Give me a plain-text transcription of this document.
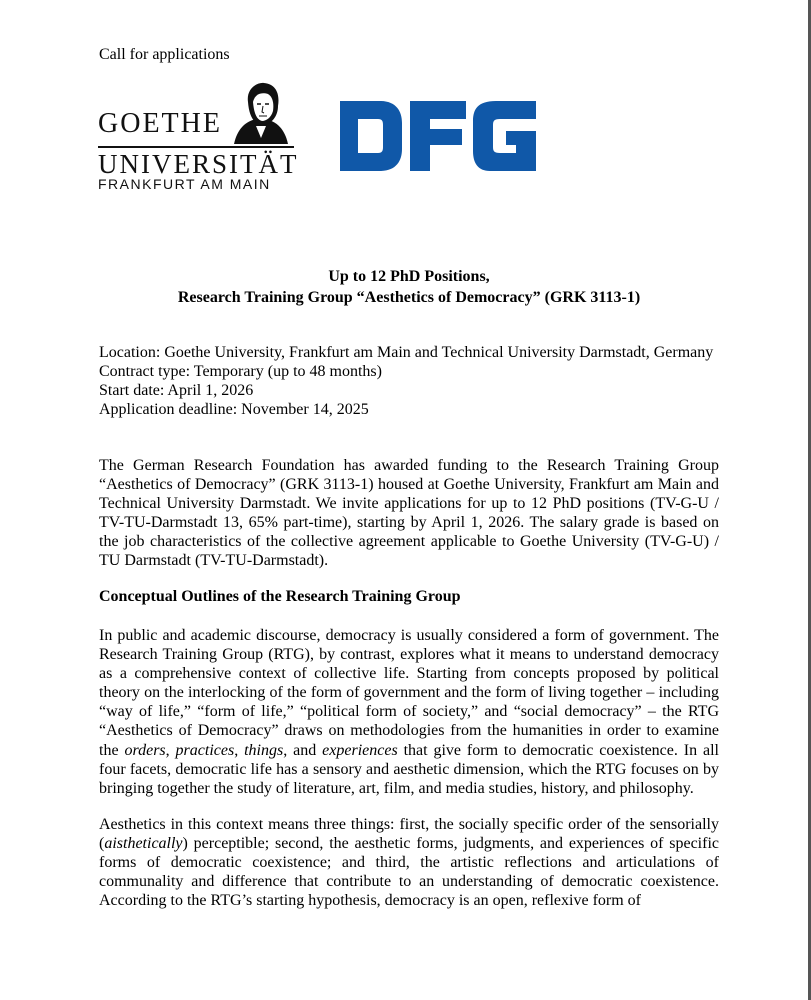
Call for applications
GOETHE
UNIVERSITÄT
FRANKFURT AM MAIN
Up to 12 PhD Positions,
Research Training Group “Aesthetics of Democracy” (GRK 3113-1)
Location: Goethe University, Frankfurt am Main and Technical University Darmstadt, Germany
Contract type: Temporary (up to 48 months)
Start date: April 1, 2026
Application deadline: November 14, 2025
The German Research Foundation has awarded funding to the Research Training Group “Aesthetics of Democracy” (GRK 3113-1) housed at Goethe University, Frankfurt am Main and Technical University Darmstadt. We invite applications for up to 12 PhD positions (TV-G-U / TV-TU-Darmstadt 13, 65% part-time), starting by April 1, 2026. The salary grade is based on the job characteristics of the collective agreement applicable to Goethe University (TV-G-U) / TU Darmstadt (TV-TU-Darmstadt).
Conceptual Outlines of the Research Training Group
In public and academic discourse, democracy is usually considered a form of government. The Research Training Group (RTG), by contrast, explores what it means to understand democracy as a comprehensive context of collective life. Starting from concepts proposed by political theory on the interlocking of the form of government and the form of living together – including “way of life,” “form of life,” “political form of society,” and “social democracy” – the RTG “Aesthetics of Democracy” draws on methodologies from the humanities in order to examine the orders, practices, things, and experiences that give form to democratic coexistence. In all four facets, democratic life has a sensory and aesthetic dimension, which the RTG focuses on by bringing together the study of literature, art, film, and media studies, history, and philosophy.
Aesthetics in this context means three things: first, the socially specific order of the sensorially (aisthetically) perceptible; second, the aesthetic forms, judgments, and experiences of specific forms of democratic coexistence; and third, the artistic reflections and articulations of communality and difference that contribute to an understanding of democratic coexistence. According to the RTG’s starting hypothesis, democracy is an open, reflexive form of
